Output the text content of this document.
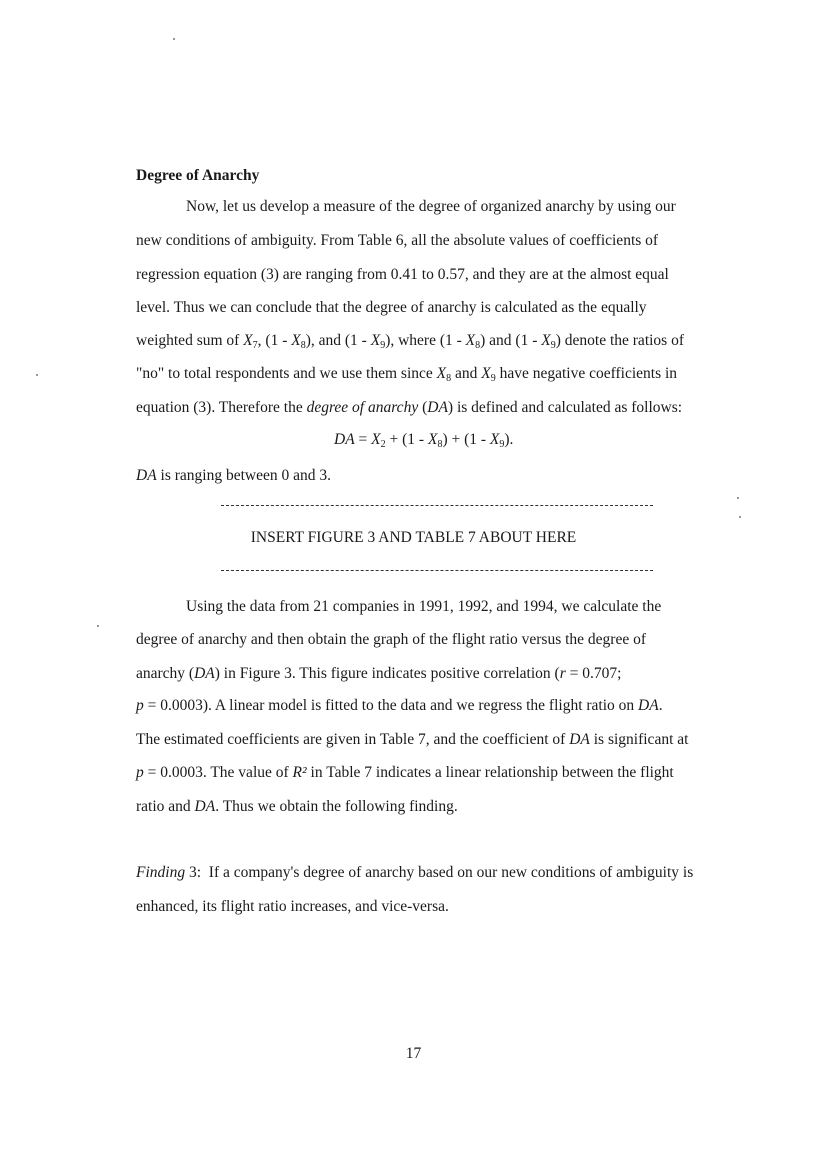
Degree of Anarchy
Now, let us develop a measure of the degree of organized anarchy by using our
new conditions of ambiguity. From Table 6, all the absolute values of coefficients of
regression equation (3) are ranging from 0.41 to 0.57, and they are at the almost equal
level. Thus we can conclude that the degree of anarchy is calculated as the equally
weighted sum of $X_7$, $(1 - X_8)$, and $(1 - X_9)$, where $(1 - X_8)$ and $(1 - X_9)$ denote the ratios of
"no" to total respondents and we use them since $X_8$ and $X_9$ have negative coefficients in
equation (3). Therefore the degree of anarchy (DA) is defined and calculated as follows:
DA = $X_2 + (1 - X_8) + (1 - X_9)$.
DA is ranging between 0 and 3.
INSERT FIGURE 3 AND TABLE 7 ABOUT HERE
Using the data from 21 companies in 1991, 1992, and 1994, we calculate the
degree of anarchy and then obtain the graph of the flight ratio versus the degree of
anarchy (DA) in Figure 3. This figure indicates positive correlation (r = 0.707;
p = 0.0003). A linear model is fitted to the data and we regress the flight ratio on DA.
The estimated coefficients are given in Table 7, and the coefficient of DA is significant at
p = 0.0003. The value of R² in Table 7 indicates a linear relationship between the flight
ratio and DA. Thus we obtain the following finding.
Finding 3:  If a company's degree of anarchy based on our new conditions of ambiguity is
enhanced, its flight ratio increases, and vice-versa.
17
